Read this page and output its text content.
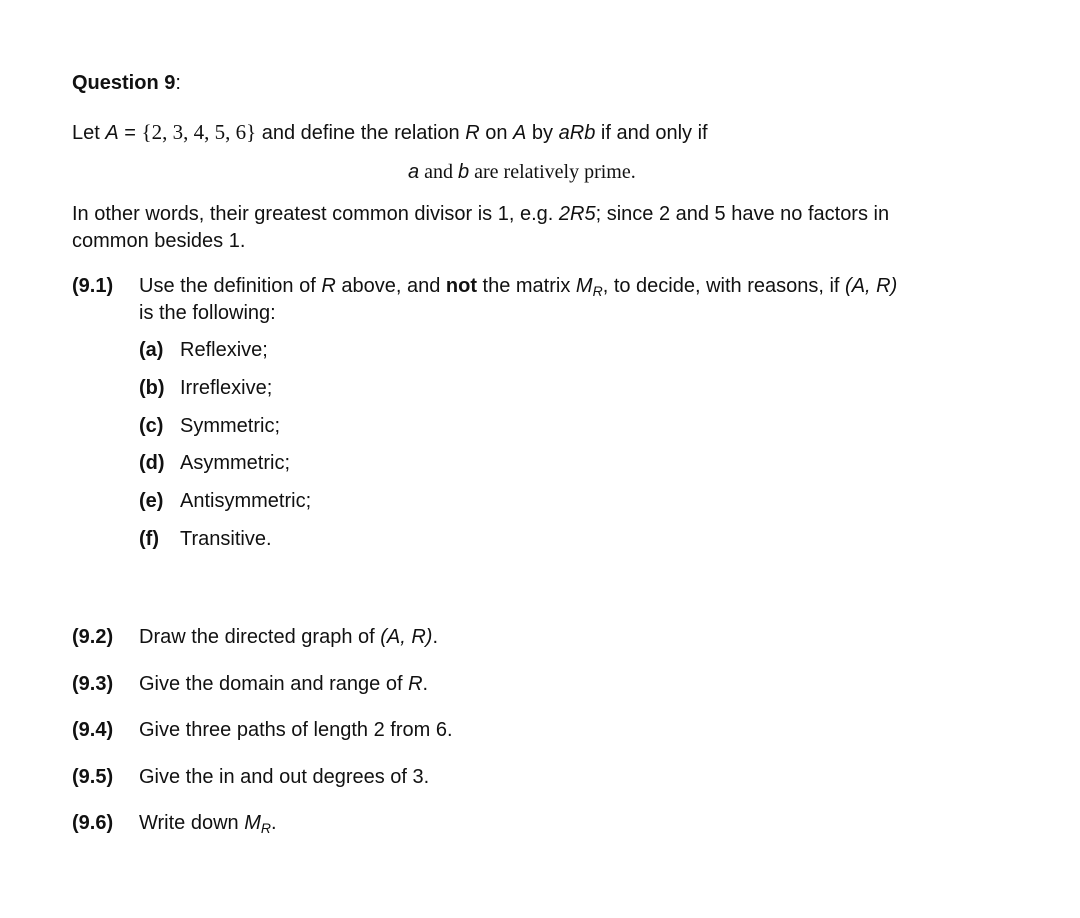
Question 9:
Let A = {2, 3, 4, 5, 6} and define the relation R on A by aRb if and only if
a and b are relatively prime.
In other words, their greatest common divisor is 1, e.g. 2R5; since 2 and 5 have no factors in
common besides 1.
(9.1) Use the definition of R above, and not the matrix $M_R$, to decide, with reasons, if (A, R)
is the following:
(a) Reflexive;
(b) Irreflexive;
(c) Symmetric;
(d) Asymmetric;
(e) Antisymmetric;
(f) Transitive.
(9.2) Draw the directed graph of (A, R).
(9.3) Give the domain and range of R.
(9.4) Give three paths of length 2 from 6.
(9.5) Give the in and out degrees of 3.
(9.6) Write down $M_R$.
